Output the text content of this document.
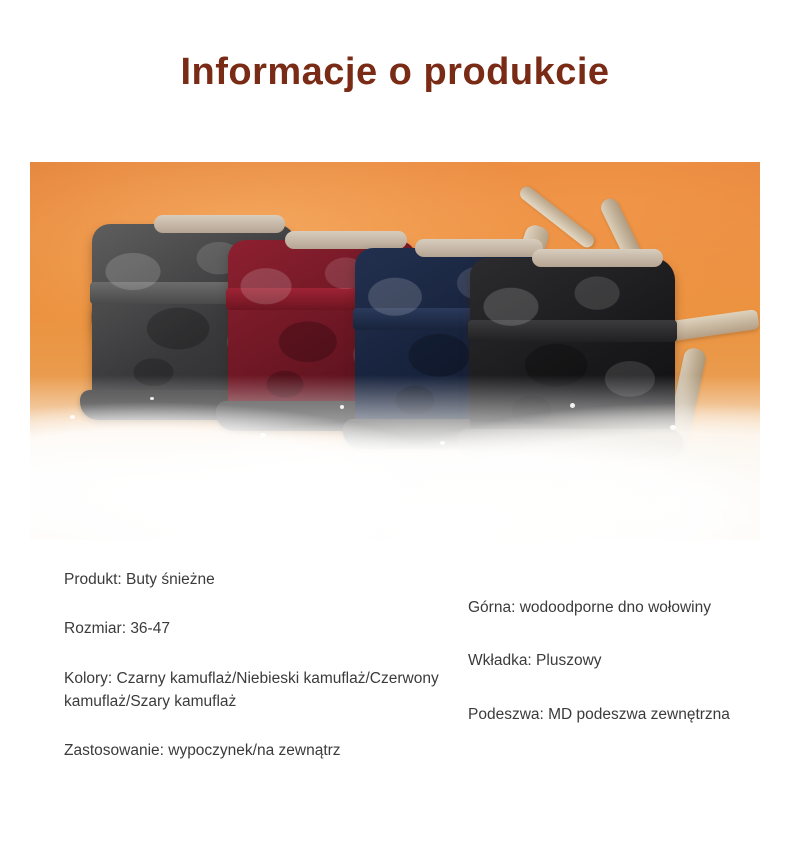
Informacje o produkcie
Produkt: Buty śnieżne
Rozmiar: 36-47
Kolory: Czarny kamuflaż/Niebieski kamuflaż/Czerwony kamuflaż/Szary kamuflaż
Zastosowanie: wypoczynek/na zewnątrz
Górna: wodoodporne dno wołowiny
Wkładka: Pluszowy
Podeszwa: MD podeszwa zewnętrzna
